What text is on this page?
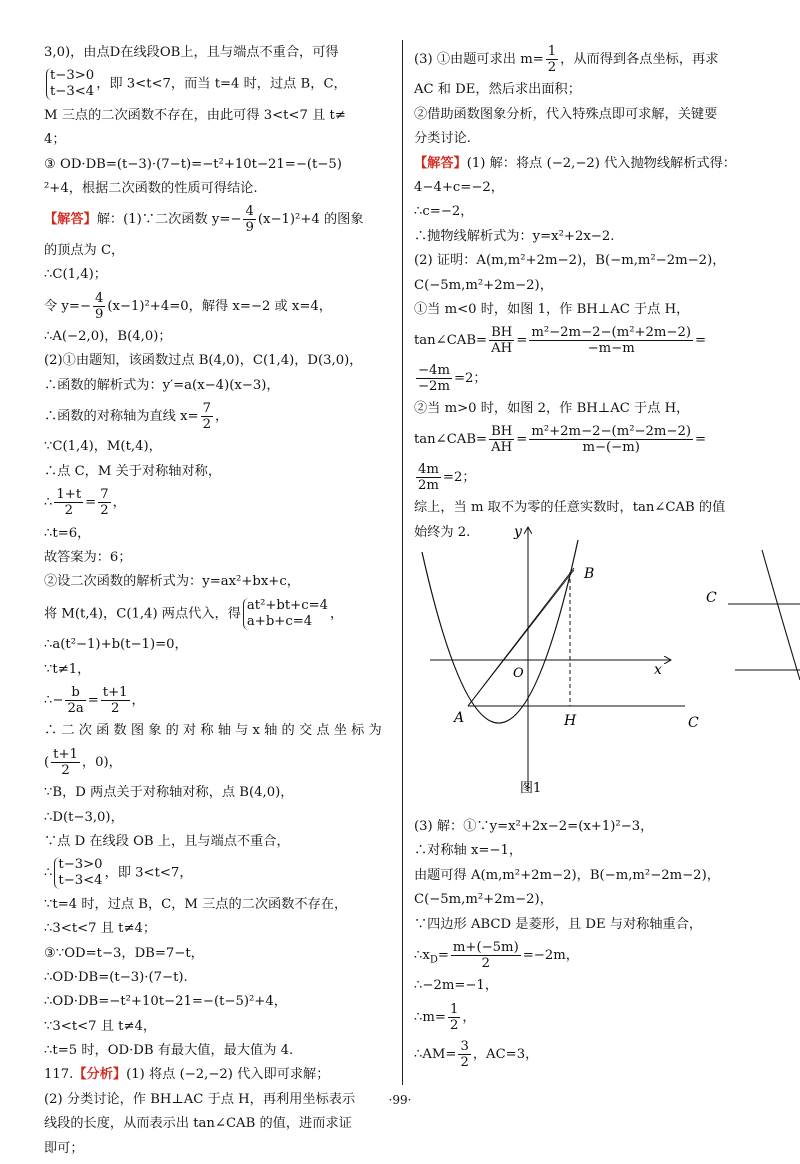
3,0)，由点D在线段OB上，且与端点不重合，可得
t−3>0
t−3<4 ，即 3<t<7，而当 t=4 时，过点 B，C，
M 三点的二次函数不存在，由此可得 3<t<7 且 t≠
4；
③ OD·DB=(t−3)·(7−t)=−t²+10t−21=−(t−5)
²+4，根据二次函数的性质可得结论.
【解答】解：(1)∵二次函数 $y=- \frac{4}{9} (x-1)^2+4$ 的图象
的顶点为 C，
∴C(1,4)；
令 $y=- \frac{4}{9} (x-1)^2+4=0$，解得 x=−2 或 x=4，
∴A(−2,0)，B(4,0)；
(2)①由题知，该函数过点 B(4,0)，C(1,4)，D(3,0)，
∴函数的解析式为：y′=a(x−4)(x−3)，
∴函数的对称轴为直线 $x= \frac{7}{2}$ ，
∵C(1,4)，M(t,4)，
∴点 C，M 关于对称轴对称，
∴ $\frac{1+t}{2} = \frac{7}{2}$ ，
∴t=6，
故答案为：6；
②设二次函数的解析式为：y=ax²+bx+c，
将 M(t,4)，C(1,4) 两点代入，得at²+bt+c=4
a+b+c=4 ，
∴a(t²−1)+b(t−1)=0，
∵t≠1，
∴− $\frac{b}{2a} = \frac{t+1}{2}$ ，
∴ 二 次 函 数 图 象 的 对 称 轴 与 x 轴 的 交 点 坐 标 为
( $\frac{t+1}{2}$ ，0)，
∵B，D 两点关于对称轴对称，点 B(4,0)，
∴D(t−3,0)，
∵点 D 在线段 OB 上，且与端点不重合，
∴t−3>0
t−3<4 ，即 3<t<7，
∵t=4 时，过点 B，C，M 三点的二次函数不存在，
∴3<t<7 且 t≠4；
③∵OD=t−3，DB=7−t，
∴OD·DB=(t−3)·(7−t).
∴OD·DB=−t²+10t−21=−(t−5)²+4，
∵3<t<7 且 t≠4，
∴t=5 时，OD·DB 有最大值，最大值为 4.
117.【分析】(1) 将点 (−2,−2) 代入即可求解；
(2) 分类讨论，作 BH⊥AC 于点 H，再利用坐标表示
线段的长度，从而表示出 tan∠CAB 的值，进而求证
即可；
(3) ①由题可求出 $m= \frac{1}{2}$ ，从而得到各点坐标，再求
AC 和 DE，然后求出面积；
②借助函数图象分析，代入特殊点即可求解，关键要
分类讨论.
【解答】(1) 解：将点 (−2,−2) 代入抛物线解析式得：
4−4+c=−2，
∴c=−2，
∴抛物线解析式为：y=x²+2x−2.
(2) 证明：A(m,m²+2m−2)，B(−m,m²−2m−2)，
C(−5m,m²+2m−2)，
①当 m<0 时，如图 1，作 BH⊥AC 于点 H，
tan∠CAB= $\frac{BH}{AH} = \frac{\text{m²−2m−2−(m²+2m−2)}}{-m-m}$ =
$\frac{-4m}{-2m} =2$；
②当 m>0 时，如图 2，作 BH⊥AC 于点 H，
tan∠CAB= $\frac{BH}{AH} = \frac{\text{m²+2m−2−(m²−2m−2)}}{m-(-m)}$ =
$\frac{4m}{2m} =2$；
综上，当 m 取不为零的任意实数时，tan∠CAB 的值
始终为 2.	y
x
O
A
B
H	C
C
图1
(3) 解：①∵y=x²+2x−2=(x+1)²−3，
∴对称轴 x=−1，
由题可得 A(m,m²+2m−2)，B(−m,m²−2m−2)，
C(−5m,m²+2m−2)，
∵四边形 ABCD 是菱形，且 DE 与对称轴重合，
$\therefore x_D= \frac{m+(-5m)}{2} =-2m$，
∴−2m=−1，
∴m= $\frac{1}{2}$ ，
∴AM= $\frac{3}{2}$ ，AC=3，
·99·
